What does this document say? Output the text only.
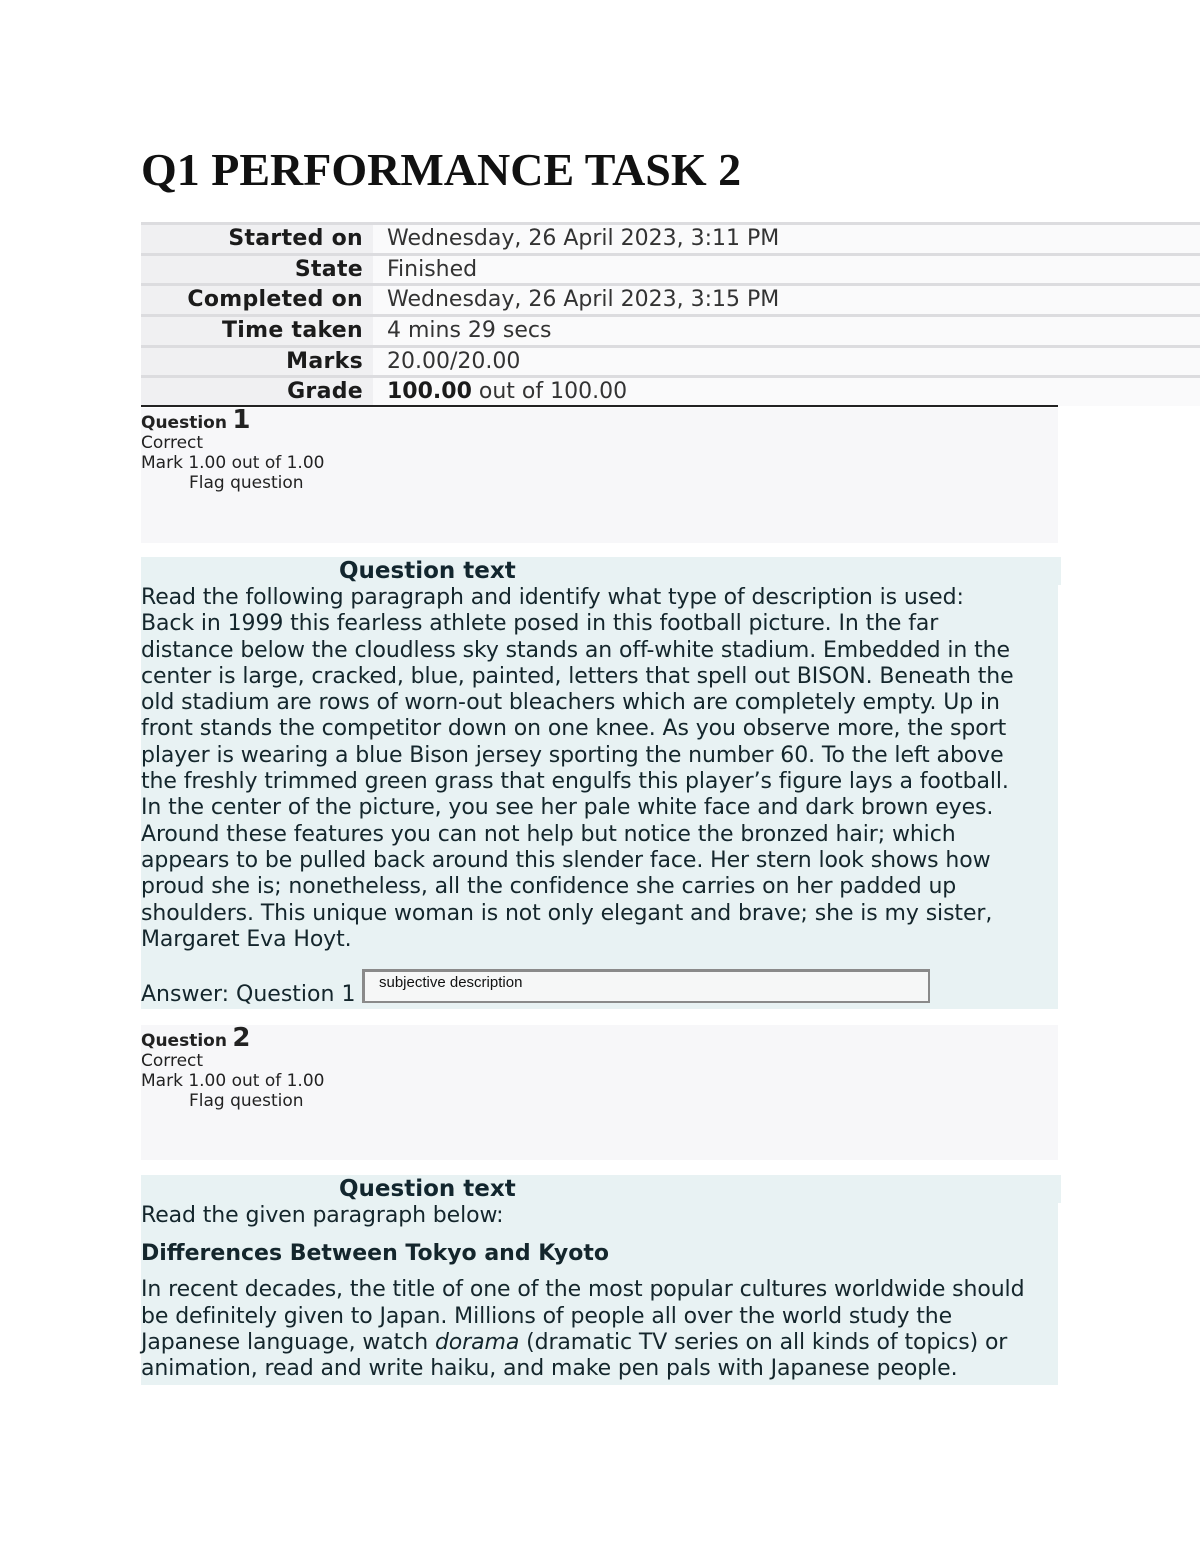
Q1 PERFORMANCE TASK 2
Started on	Wednesday, 26 April 2023, 3:11 PM
State	Finished
Completed on	Wednesday, 26 April 2023, 3:15 PM
Time taken	4 mins 29 secs
Marks	20.00/20.00
Grade	100.00 out of 100.00
Question 1
Correct
Mark 1.00 out of 1.00
Flag question
Question text

Read the following paragraph and identify what type of description is used:

Back in 1999 this fearless athlete posed in this football picture. In the far

distance below the cloudless sky stands an off-white stadium. Embedded in the

center is large, cracked, blue, painted, letters that spell out BISON. Beneath the

old stadium are rows of worn-out bleachers which are completely empty. Up in

front stands the competitor down on one knee. As you observe more, the sport

player is wearing a blue Bison jersey sporting the number 60. To the left above

the freshly trimmed green grass that engulfs this player’s figure lays a football.

In the center of the picture, you see her pale white face and dark brown eyes.

Around these features you can not help but notice the bronzed hair; which

appears to be pulled back around this slender face. Her stern look shows how

proud she is; nonetheless, all the confidence she carries on her padded up

shoulders. This unique woman is not only elegant and brave; she is my sister,

Margaret Eva Hoyt.

Answer: Question 1	subjective description
Question 2
Correct
Mark 1.00 out of 1.00
Flag question
Question text

Read the given paragraph below:

Differences Between Tokyo and Kyoto

In recent decades, the title of one of the most popular cultures worldwide should

be definitely given to Japan. Millions of people all over the world study the

Japanese language, watch dorama (dramatic TV series on all kinds of topics) or

animation, read and write haiku, and make pen pals with Japanese people.
